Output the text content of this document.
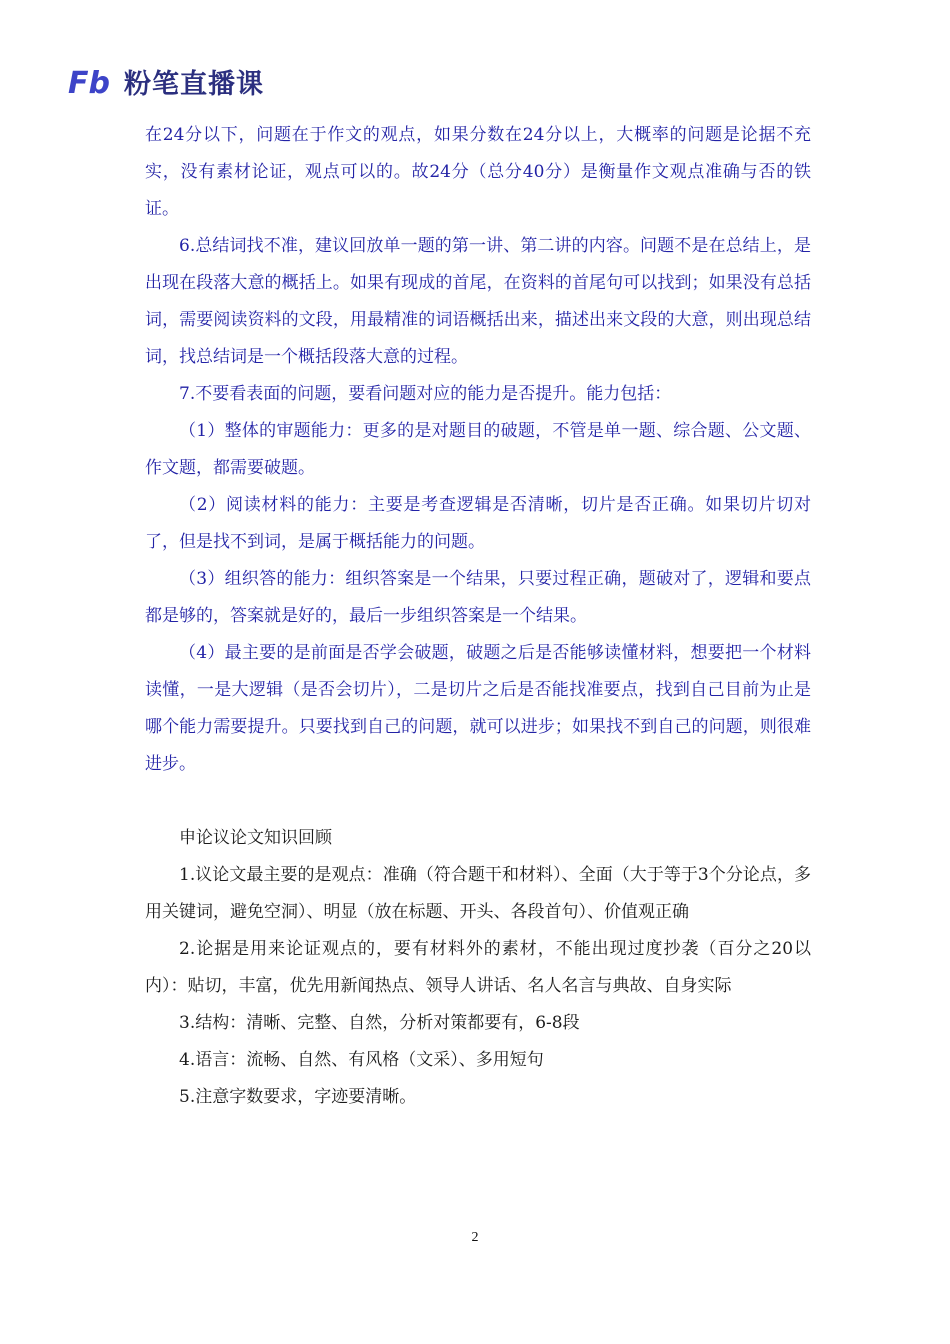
Fb 粉笔直播课

在24分以下，问题在于作文的观点，如果分数在24分以上，大概率的问题是论据不充实，没有素材论证，观点可以的。故24分（总分40分）是衡量作文观点准确与否的铁证。

6.总结词找不准，建议回放单一题的第一讲、第二讲的内容。问题不是在总结上，是出现在段落大意的概括上。如果有现成的首尾，在资料的首尾句可以找到；如果没有总括词，需要阅读资料的文段，用最精准的词语概括出来，描述出来文段的大意，则出现总结词，找总结词是一个概括段落大意的过程。

7.不要看表面的问题，要看问题对应的能力是否提升。能力包括：

（1）整体的审题能力：更多的是对题目的破题，不管是单一题、综合题、公文题、作文题，都需要破题。

（2）阅读材料的能力：主要是考查逻辑是否清晰，切片是否正确。如果切片切对了，但是找不到词，是属于概括能力的问题。

（3）组织答的能力：组织答案是一个结果，只要过程正确，题破对了，逻辑和要点都是够的，答案就是好的，最后一步组织答案是一个结果。

（4）最主要的是前面是否学会破题，破题之后是否能够读懂材料，想要把一个材料读懂，一是大逻辑（是否会切片），二是切片之后是否能找准要点，找到自己目前为止是哪个能力需要提升。只要找到自己的问题，就可以进步；如果找不到自己的问题，则很难进步。

申论议论文知识回顾

1.议论文最主要的是观点：准确（符合题干和材料）、全面（大于等于3个分论点，多用关键词，避免空洞）、明显（放在标题、开头、各段首句）、价值观正确

2.论据是用来论证观点的，要有材料外的素材，不能出现过度抄袭（百分之20以内）：贴切，丰富，优先用新闻热点、领导人讲话、名人名言与典故、自身实际

3.结构：清晰、完整、自然，分析对策都要有，6-8段

4.语言：流畅、自然、有风格（文采）、多用短句

5.注意字数要求，字迹要清晰。

2
